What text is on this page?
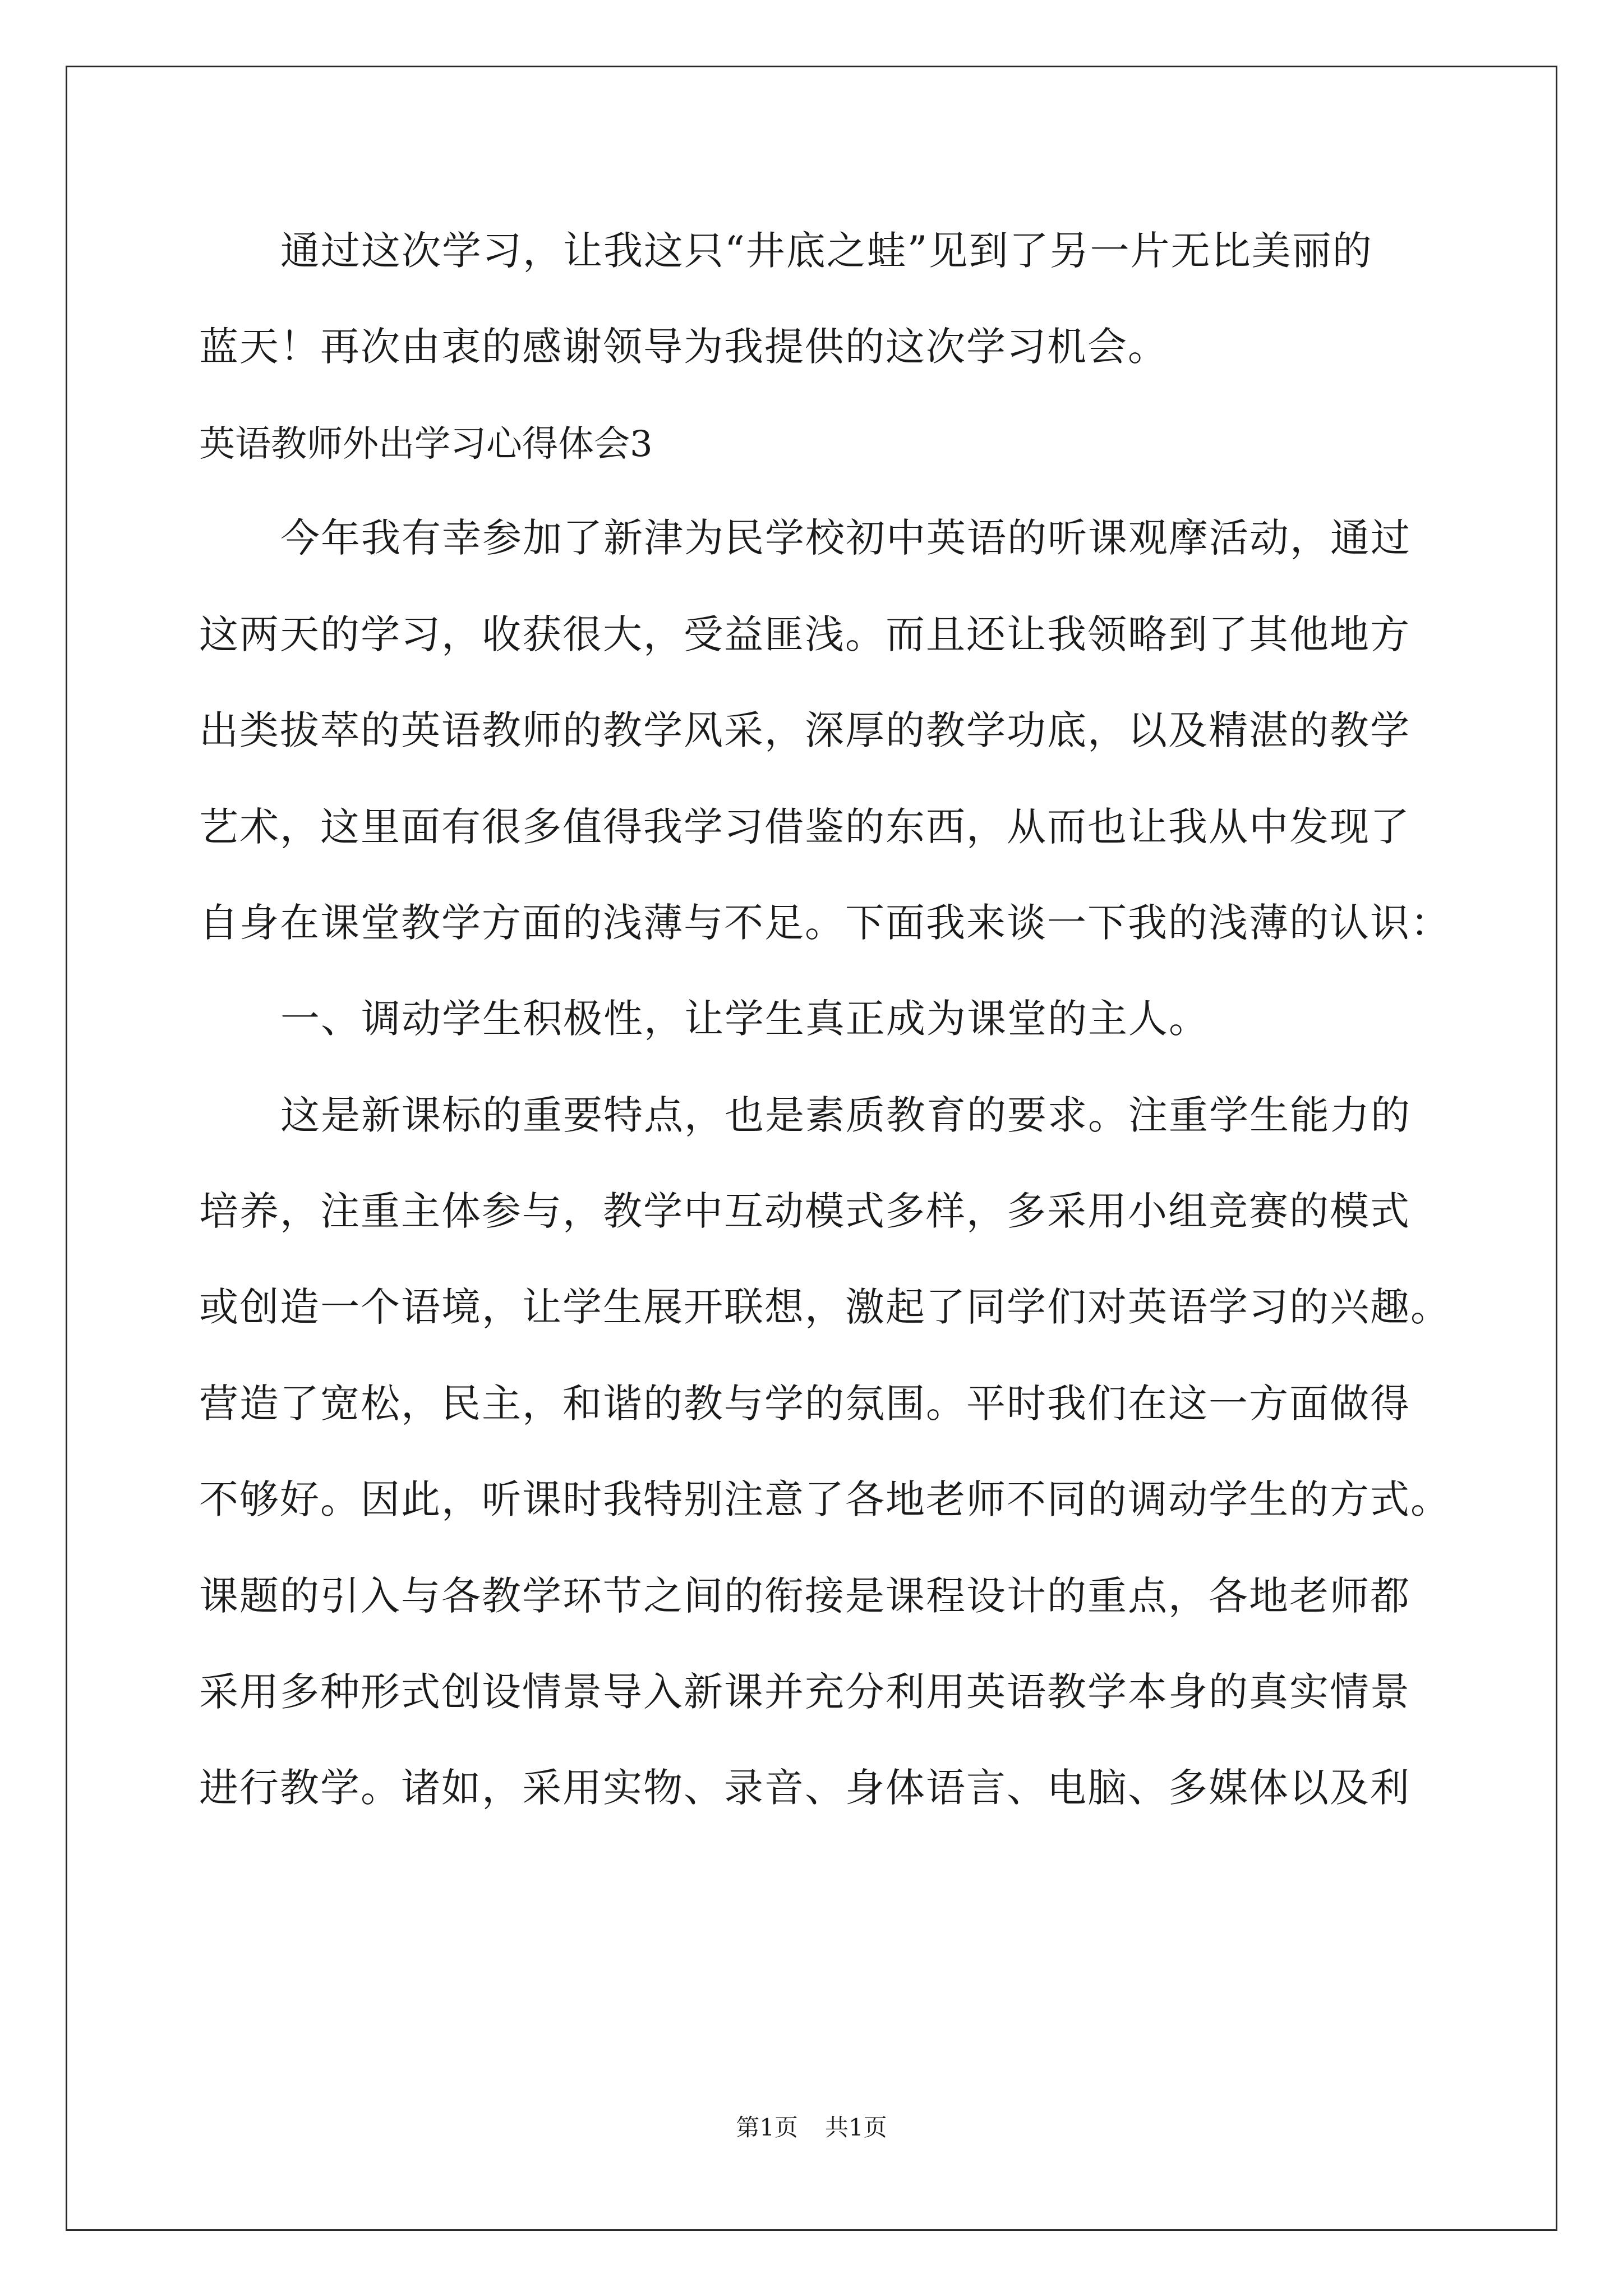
通过这次学习，让我这只“井底之蛙”见到了另一片无比美丽的
蓝天！再次由衷的感谢领导为我提供的这次学习机会。
英语教师外出学习心得体会3
今年我有幸参加了新津为民学校初中英语的听课观摩活动，通过
这两天的学习，收获很大，受益匪浅。而且还让我领略到了其他地方
出类拔萃的英语教师的教学风采，深厚的教学功底，以及精湛的教学
艺术，这里面有很多值得我学习借鉴的东西，从而也让我从中发现了
自身在课堂教学方面的浅薄与不足。下面我来谈一下我的浅薄的认识：
一、调动学生积极性，让学生真正成为课堂的主人。
这是新课标的重要特点，也是素质教育的要求。注重学生能力的
培养，注重主体参与，教学中互动模式多样，多采用小组竞赛的模式
或创造一个语境，让学生展开联想，激起了同学们对英语学习的兴趣。
营造了宽松，民主，和谐的教与学的氛围。平时我们在这一方面做得
不够好。因此，听课时我特别注意了各地老师不同的调动学生的方式。
课题的引入与各教学环节之间的衔接是课程设计的重点，各地老师都
采用多种形式创设情景导入新课并充分利用英语教学本身的真实情景
进行教学。诸如，采用实物、录音、身体语言、电脑、多媒体以及利
第1页 共1页
